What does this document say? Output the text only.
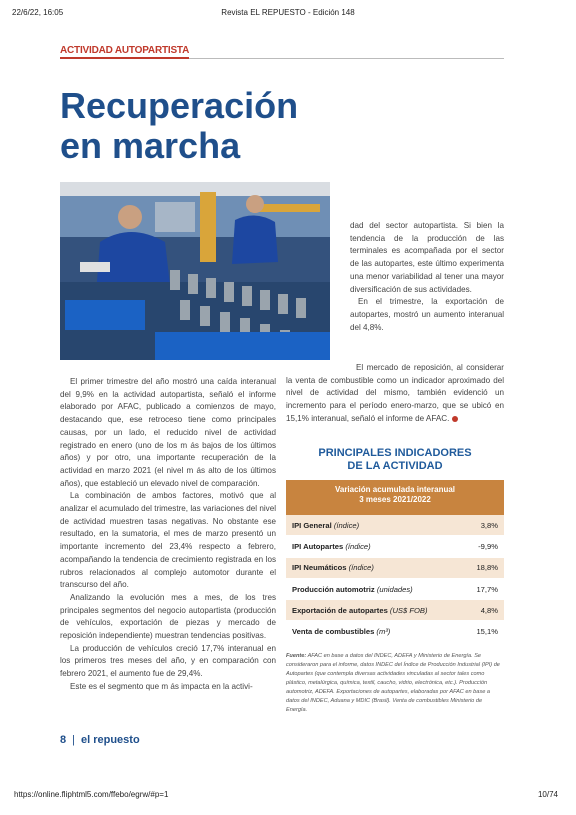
22/6/22, 16:05	Revista EL REPUESTO - Edición 148
ACTIVIDAD AUTOPARTISTA
Recuperación
en marcha

dad del sector autopartista. Si bien la tendencia de la producción de las terminales es acompañada por el sector de las autopartes, este último experimenta una menor variabilidad al tener una mayor diversificación de sus actividades.

En el trimestre, la exportación de autopartes, mostró un aumento interanual del 4,8%.

El mercado de reposición, al considerar la venta de combustible como un indicador aproximado del nivel de actividad del mismo, también evidenció un incremento para el período enero-marzo, que se ubicó en 15,1% interanual, señaló el informe de AFAC.

El primer trimestre del año mostró una caída interanual del 9,9% en la actividad autopartista, señaló el informe elaborado por AFAC, publicado a comienzos de mayo, destacando que, ese retroceso tiene como principales causas, por un lado, el reducido nivel de actividad registrado en enero (uno de los m ás bajos de los últimos años) y por otro, una importante recuperación de la actividad en marzo 2021 (el nivel m ás alto de los últimos años), que estableció un elevado nivel de comparación.

La combinación de ambos factores, motivó que al analizar el acumulado del trimestre, las variaciones del nivel de actividad muestren tasas negativas. No obstante ese resultado, en la sumatoria, el mes de marzo presentó un importante incremento del 23,4% respecto a febrero, acompañando la tendencia de crecimiento registrada en los rubros relacionados al complejo automotor durante el transcurso del año.

Analizando la evolución mes a mes, de los tres principales segmentos del negocio autopartista (producción de vehículos, exportación de piezas y mercado de reposición independiente) muestran tendencias positivas.

La producción de vehículos creció 17,7% interanual en los primeros tres meses del año, y en comparación con febrero 2021, el aumento fue de 29,4%.

Este es el segmento que m ás impacta en la activi-

PRINCIPALES INDICADORES
DE LA ACTIVIDAD
Variación acumulada interanual
3 meses 2021/2022
IPI General (índice)	3,8%
IPI Autopartes (índice)	-9,9%
IPI Neumáticos (índice)	18,8%
Producción automotriz (unidades)	17,7%
Exportación de autopartes (US$ FOB)	4,8%
Venta de combustibles (m³)	15,1%
Fuente: AFAC en base a datos del INDEC, ADEFA y Ministerio de Energía. Se consideraron para el informe, datos INDEC del Índice de Producción Industrial (IPI) de Autopartes (que contempla diversas actividades vinculadas al sector tales como plástico, metalúrgica, química, textil, caucho, vidrio, electrónica, etc.). Producción automotriz, ADEFA. Exportaciones de autopartes, elaboradas por AFAC en base a datos del INDEC, Aduana y MDIC (Brasil). Venta de combustibles Ministerio de Energía.
8 | el repuesto
https://online.fliphtml5.com/ffebo/egrw/#p=1	10/74
